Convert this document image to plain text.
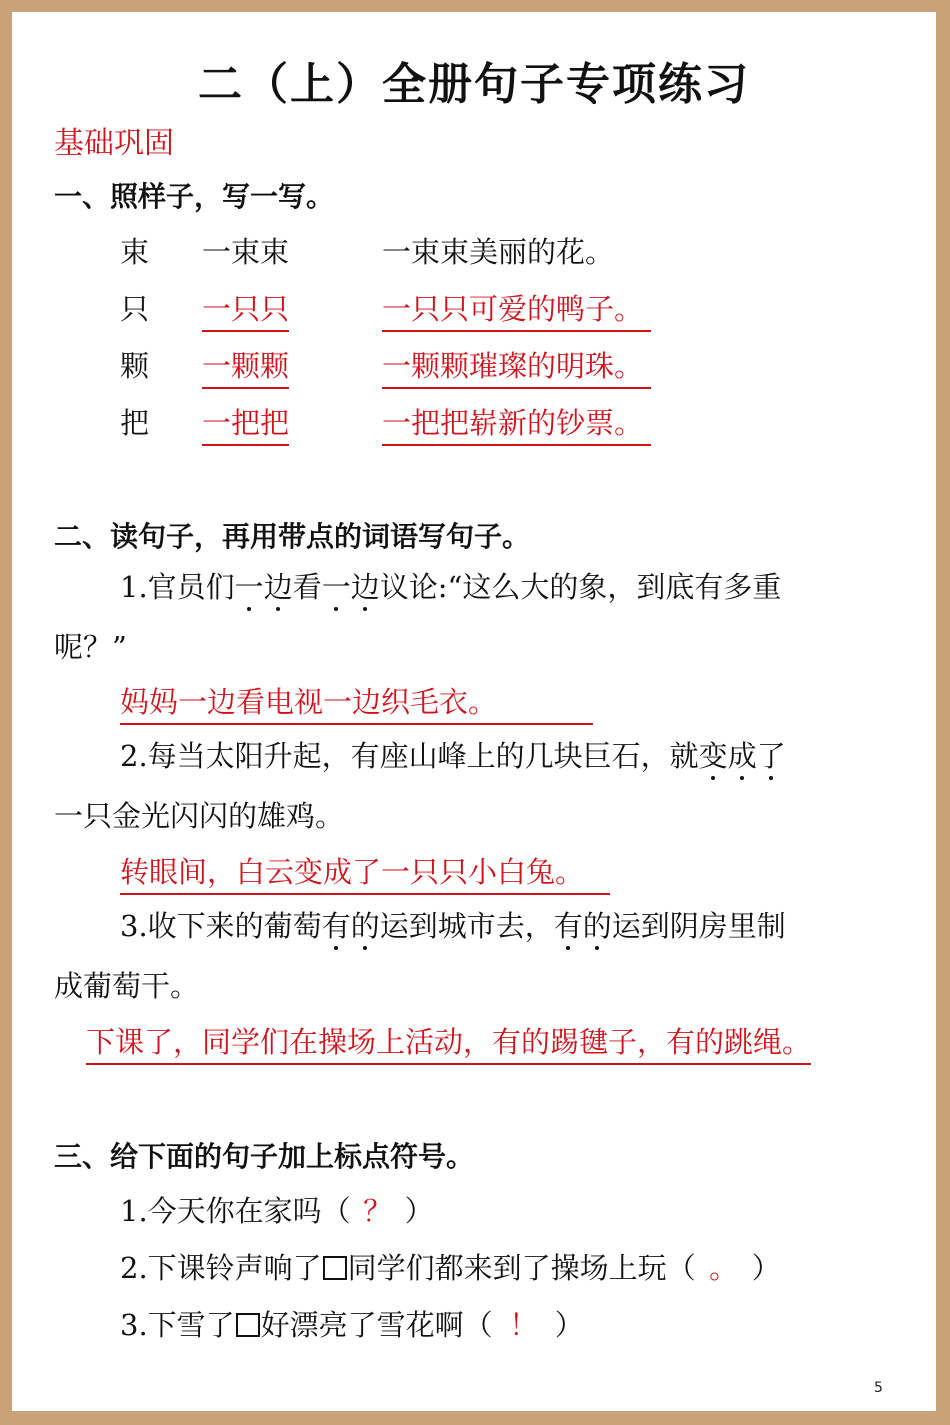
二（上）全册句子专项练习
基础巩固
一、照样子，写一写。
束 一束束	一束束美丽的花。
只 一只只	一只只可爱的鸭子。
颗 一颗颗	一颗颗璀璨的明珠。
把 一把把	一把把崭新的钞票。
二、读句子，再用带点的词语写句子。
1.官员们一边看一边议论:“这么大的象，到底有多重
呢？”
妈妈一边看电视一边织毛衣。
2.每当太阳升起，有座山峰上的几块巨石，就变成了
一只金光闪闪的雄鸡。
转眼间，白云变成了一只只小白兔。
3.收下来的葡萄有的运到城市去，有的运到阴房里制
成葡萄干。
下课了，同学们在操场上活动，有的踢毽子，有的跳绳。
三、给下面的句子加上标点符号。
1.今天你在家吗（ ？ ）
2.下课铃声响了 同学们都来到了操场上玩（ 。 ）
3.下雪了 好漂亮了雪花啊（ ！ ）
5
